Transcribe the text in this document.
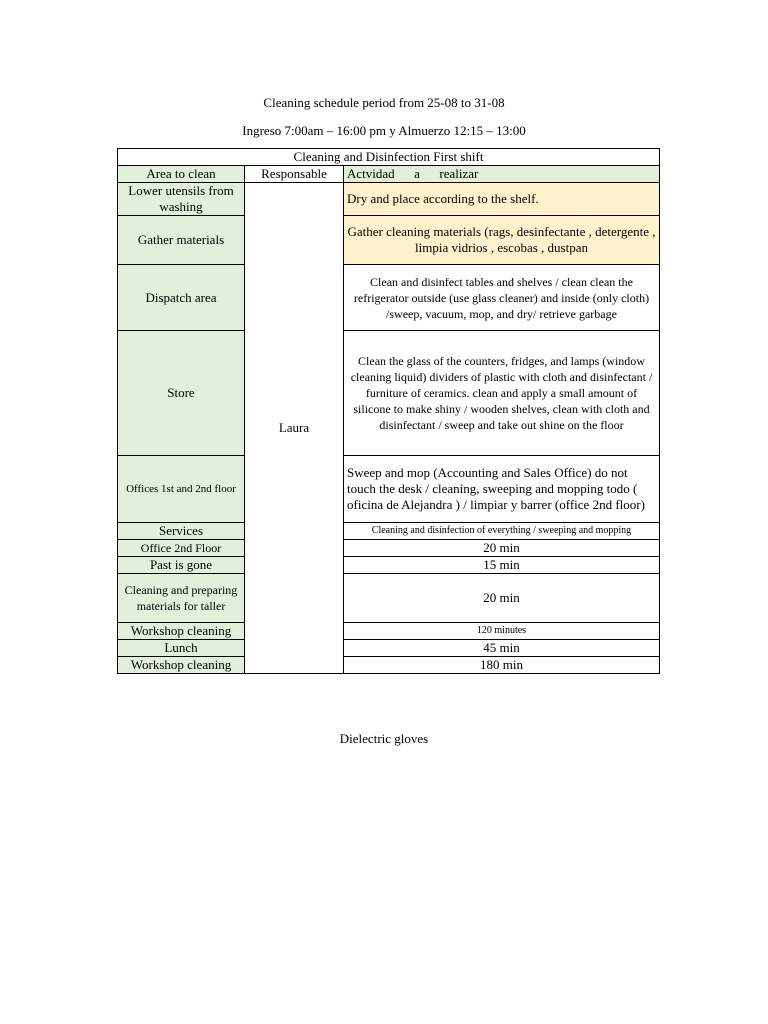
Cleaning schedule period from 25-08 to 31-08
Ingreso 7:00am – 16:00 pm y Almuerzo 12:15 – 13:00
Cleaning and Disinfection First shift		
Area to clean	Responsable	Actvidad      a      realizar
Lower utensils from washing	Laura	Dry and place according to the shelf.
Gather materials		Gather cleaning materials (rags, desinfectante , detergente , limpia vidrios , escobas , dustpan
Dispatch area		Clean and disinfect tables and shelves / clean clean the refrigerator outside (use glass cleaner) and inside (only cloth) /sweep, vacuum, mop, and dry/ retrieve garbage
Store		Clean the glass of the counters, fridges, and lamps (window cleaning liquid) dividers of plastic with cloth and disinfectant / furniture of ceramics. clean and apply a small amount of silicone to make shiny / wooden shelves, clean with cloth and disinfectant / sweep and take out shine on the floor
Offices 1st and 2nd floor		Sweep and mop (Accounting and Sales Office) do not touch the desk / cleaning, sweeping and mopping todo ( oficina de Alejandra ) / limpiar y barrer (office 2nd floor)
Services		Cleaning and disinfection of everything / sweeping and mopping
Office 2nd Floor		20 min
Past is gone		15 min
Cleaning and preparing materials for taller		20 min
Workshop cleaning		120 minutes
Lunch		45 min
Workshop cleaning		180 min
Dielectric gloves
